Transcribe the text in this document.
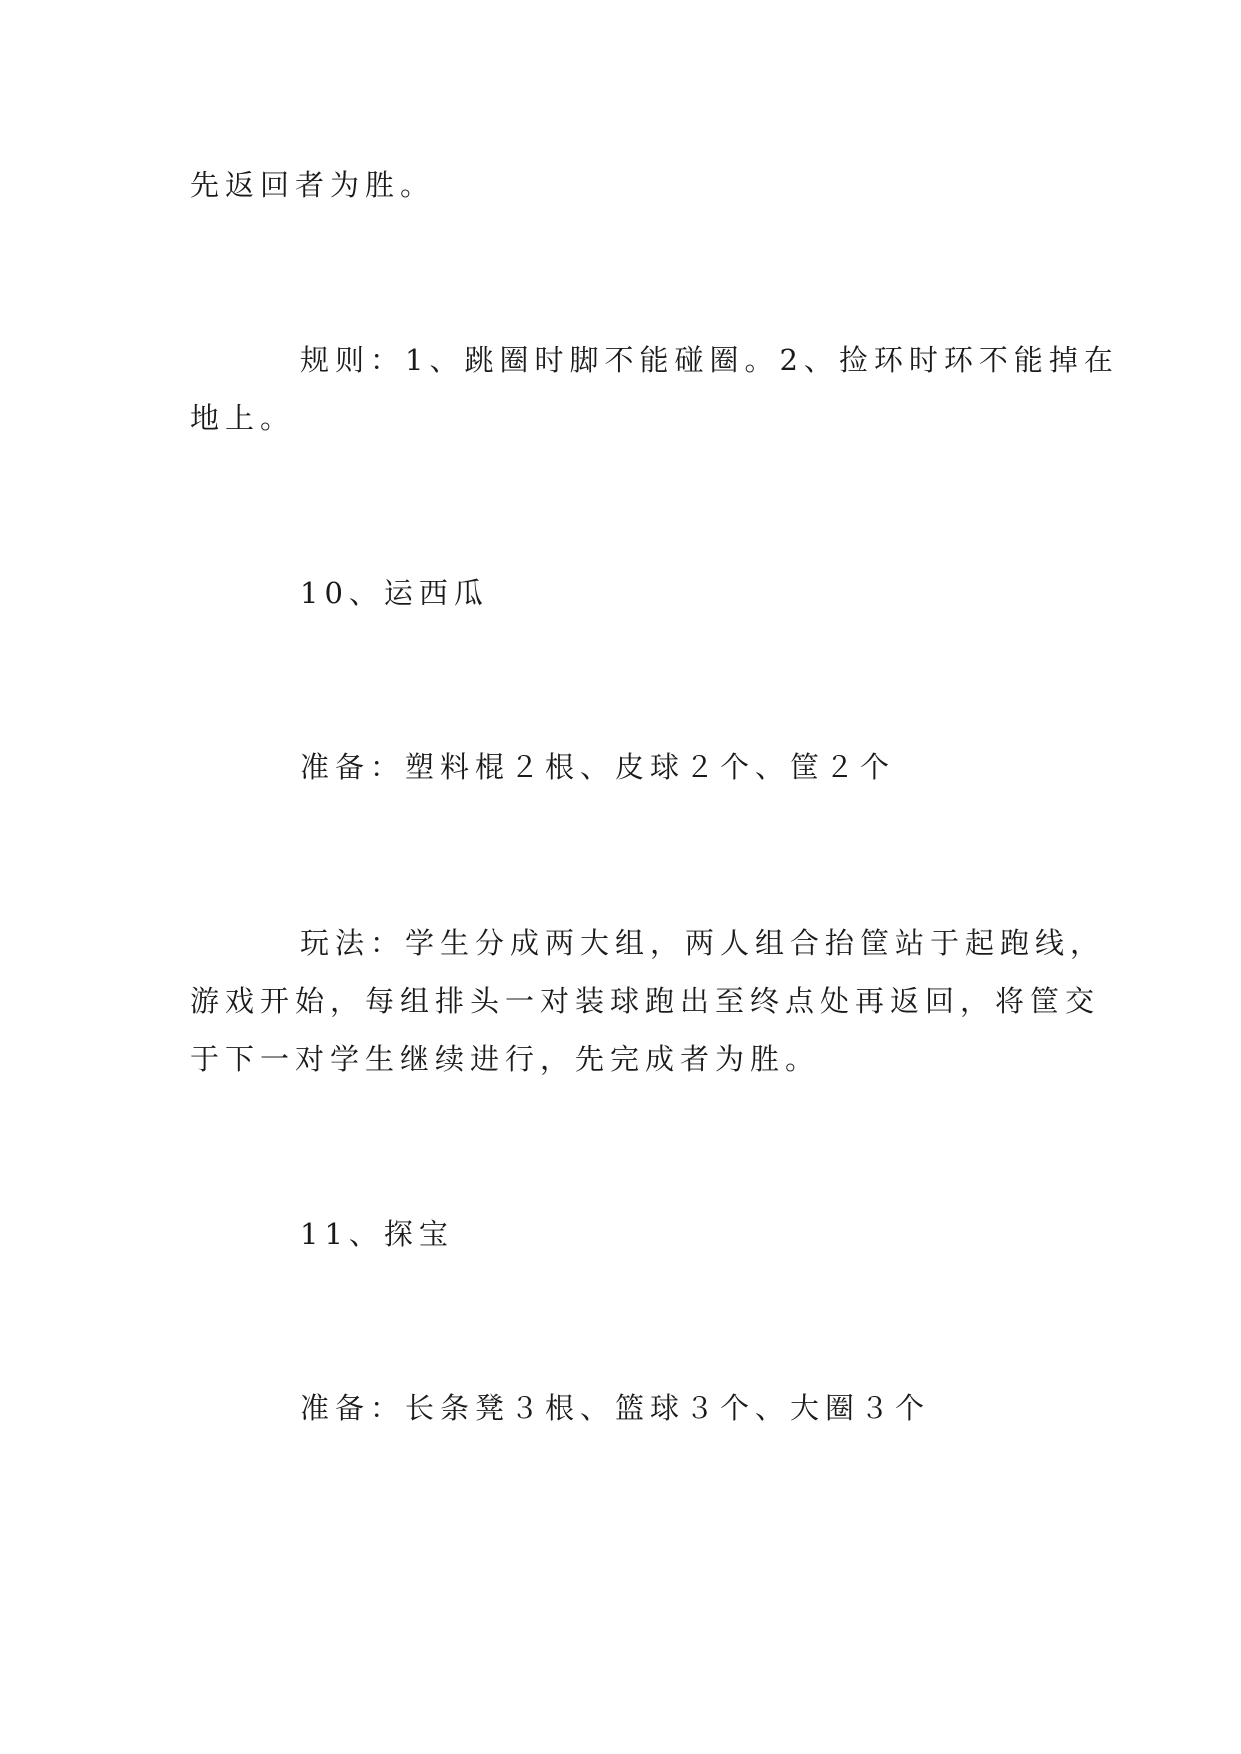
先返回者为胜。
规则：1、跳圈时脚不能碰圈。2、捡环时环不能掉在
地上。
10、运西瓜
准备：塑料棍２根、皮球２个、筐２个
玩法：学生分成两大组，两人组合抬筐站于起跑线，
游戏开始，每组排头一对装球跑出至终点处再返回，将筐交
于下一对学生继续进行，先完成者为胜。
11、探宝
准备：长条凳３根、篮球３个、大圈３个
